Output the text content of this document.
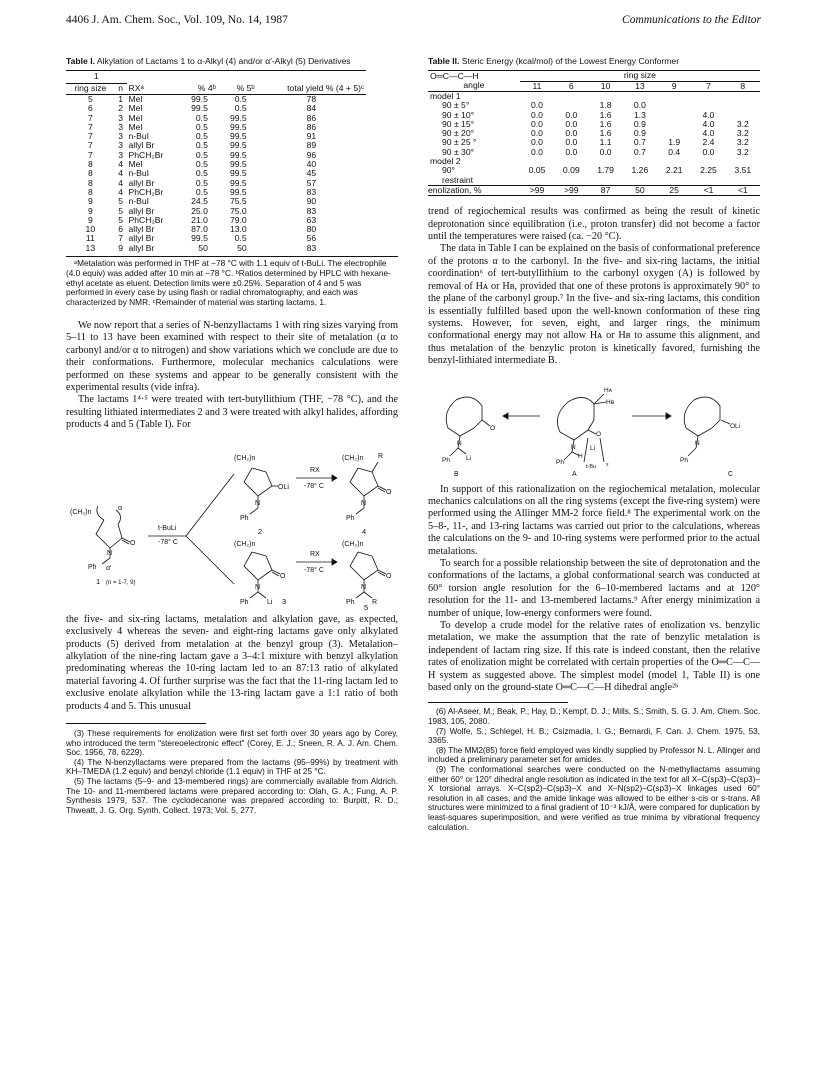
4406 J. Am. Chem. Soc., Vol. 109, No. 14, 1987	Communications to the Editor
Table I. Alkylation of Lactams 1 to α-Alkyl (4) and/or α′-Alkyl (5) Derivatives
1					
ring size	n	RXᵃ	% 4ᵇ	% 5ᵇ	total yield % (4 + 5)ᶜ
5	1	MeI	99.5	0.5	78
6	2	MeI	99.5	0.5	84
7	3	MeI	0.5	99.5	86
7	3	MeI	0.5	99.5	86
7	3	n-BuI	0.5	99.5	91
7	3	allyl Br	0.5	99.5	89
7	3	PhCH₂Br	0.5	99.5	96
8	4	MeI	0.5	99.5	40
8	4	n-BuI	0.5	99.5	45
8	4	allyl Br	0.5	99.5	57
8	4	PhCH₂Br	0.5	99.5	83
9	5	n-BuI	24.5	75.5	90
9	5	allyl Br	25.0	75.0	83
9	5	PhCH₂Br	21.0	79.0	63
10	6	allyl Br	87.0	13.0	80
11	7	allyl Br	99.5	0.5	56
13	9	allyl Br	50	50	83

ᵃMetalation was performed in THF at −78 °C with 1.1 equiv of t-BuLi. The electrophile (4.0 equiv) was added after 10 min at −78 °C. ᵇRatios determined by HPLC with hexane-ethyl acetate as eluent. Detection limits were ±0.25%. Separation of 4 and 5 was performed in every case by using flash or radial chromatography, and each was characterized by NMR. ᶜRemainder of material was starting lactams, 1.

We now report that a series of N-benzyllactams 1 with ring sizes varying from 5–11 to 13 have been examined with respect to their site of metalation (α to carbonyl and/or α to nitrogen) and show variations which we conclude are due to their conformations. Furthermore, molecular mechanics calculations were performed on these systems and appear to be generally consistent with the experimental results (vide infra).

The lactams 1⁴·⁵ were treated with tert-butyllithium (THF, −78 °C), and the resulting lithiated intermediates 2 and 3 were treated with alkyl halides, affording products 4 and 5 (Table I). For

(CH₂)n
α
O
N
Ph α′
1 (n = 1-7, 9)
t-BuLi
-78° C
(CH₂)n
OLi
N
Ph
2
RX
-78° C
(CH₂)n R
O
N
Ph
4
(CH₂)n
O
N
Ph	Li 3
RX
-78° C
(CH₂)n
O
N
Ph R
5

the five- and six-ring lactams, metalation and alkylation gave, as expected, exclusively 4 whereas the seven- and eight-ring lactams gave only alkylated products (5) derived from metalation at the benzyl group (3). Metalation–alkylation of the nine-ring lactam gave a 3–4:1 mixture with benzyl alkylation predominating whereas the 10-ring lactam led to an 87:13 ratio of alkylated material favoring 4. Of further surprise was the fact that the 11-ring lactam led to exclusive enolate alkylation while the 13-ring lactam gave a 1:1 ratio of both products 4 and 5. This unusual

(3) These requirements for enolization were first set forth over 30 years ago by Corey, who introduced the term "stereoelectronic effect" (Corey, E. J.; Sneen, R. A. J. Am. Chem. Soc. 1956, 78, 6229).

(4) The N-benzyllactams were prepared from the lactams (95–99%) by treatment with KH–TMEDA (1.2 equiv) and benzyl chloride (1.1 equiv) in THF at 25 °C.

(5) The lactams (5–9- and 13-membered rings) are commercially available from Aldrich. The 10- and 11-membered lactams were prepared according to: Olah, G. A.; Fung, A. P. Synthesis 1979, 537. The cyclodecanone was prepared according to: Burpitt, R. D.; Thweatt, J. G. Org. Synth. Collect. 1973; Vol. 5, 277.

Table II. Steric Energy (kcal/mol) of the Lowest Energy Conformer
O═C—C—H	ring size						
angle	11	6	10	13	9	7	8
model 1							
90 ± 5°	0.0		1.8	0.0			
90 ± 10°	0.0	0.0	1.6	1.3		4.0	
90 ± 15°	0.0	0.0	1.6	0.9		4.0	3.2
90 ± 20°	0.0	0.0	1.6	0.9		4.0	3.2
90 ± 25 °	0.0	0.0	1.1	0.7	1.9	2.4	3.2
90 ± 30°	0.0	0.0	0.0	0.7	0.4	0.0	3.2
model 2							
90°	0.05	0.09	1.79	1.26	2.21	2.25	3.51
restraint							
enolization, %	>99	>99	87	50	25	<1	<1

trend of regiochemical results was confirmed as being the result of kinetic deprotonation since equilibration (i.e., proton transfer) did not become a factor until the temperatures were raised (ca. −20 °C).

The data in Table I can be explained on the basis of conformational preference of the protons α to the carbonyl. In the five- and six-ring lactams, the initial coordination⁶ of tert-butyllithium to the carbonyl oxygen (A) is followed by removal of Hᴀ or Hʙ, provided that one of these protons is approximately 90° to the plane of the carbonyl group.⁷ In the five- and six-ring lactams, this condition is essentially fulfilled based upon the well-known conformation of these ring systems. However, for seven, eight, and larger rings, the minimum conformational energy may not allow Hᴀ or Hʙ to assume this alignment, and thus metalation of the benzylic proton is kinetically favored, furnishing the benzyl-lithiated intermediate B.

O
N
Ph Li
B
Hᴀ
Hʙ
O
N
Ph
H
Li
t-Bu x
A
OLi
N
Ph
C

In support of this rationalization on the regiochemical metalation, molecular mechanics calculations on all the ring systems (except the five-ring system) were performed using the Allinger MM-2 force field.⁸ The experimental work on the 5–8-, 11-, and 13-ring lactams was carried out prior to the calculations, whereas the calculations on the 9- and 10-ring systems were performed prior to the actual metalations.

To search for a possible relationship between the site of deprotonation and the conformations of the lactams, a global conformational search was conducted at 60° torsion angle resolution for the 6–10-membered lactams and at 120° resolution for the 11- and 13-membered lactams.⁹ After energy minimization a number of unique, low-energy conformers were found.

To develop a crude model for the relative rates of enolization vs. benzylic metalation, we make the assumption that the rate of benzylic metalation is independent of lactam ring size. If this rate is indeed constant, then the relative rates of enolization might be correlated with certain properties of the O═C—C—H system as suggested above. The simplest model (model 1, Table II) is one based only on the ground-state O═C—C—H dihedral angle²ᵇ

(6) Al-Aseer, M.; Beak, P.; Hay, D.; Kempf, D. J.; Mills, S.; Smith, S. G. J. Am. Chem. Soc. 1983, 105, 2080.

(7) Wolfe, S.; Schlegel, H. B.; Csizmadia, I. G.; Bernardi, F. Can. J. Chem. 1975, 53, 3365.

(8) The MM2(85) force field employed was kindly supplied by Professor N. L. Allinger and included a preliminary parameter set for amides.

(9) The conformational searches were conducted on the N-methyllactams assuming either 60° or 120° dihedral angle resolution as indicated in the text for all X–C(sp3)–C(sp3)–X torsional arrays. X–C(sp2)–C(sp3)–X and X–N(sp2)–C(sp3)–X linkages used 60° resolution in all cases, and the amide linkage was allowed to be either s-cis or s-trans. All structures were minimized to a final gradient of 10⁻³ kJ/Å, were compared for duplication by least-squares superimposition, and were verified as true minima by vibrational frequency calculation.
